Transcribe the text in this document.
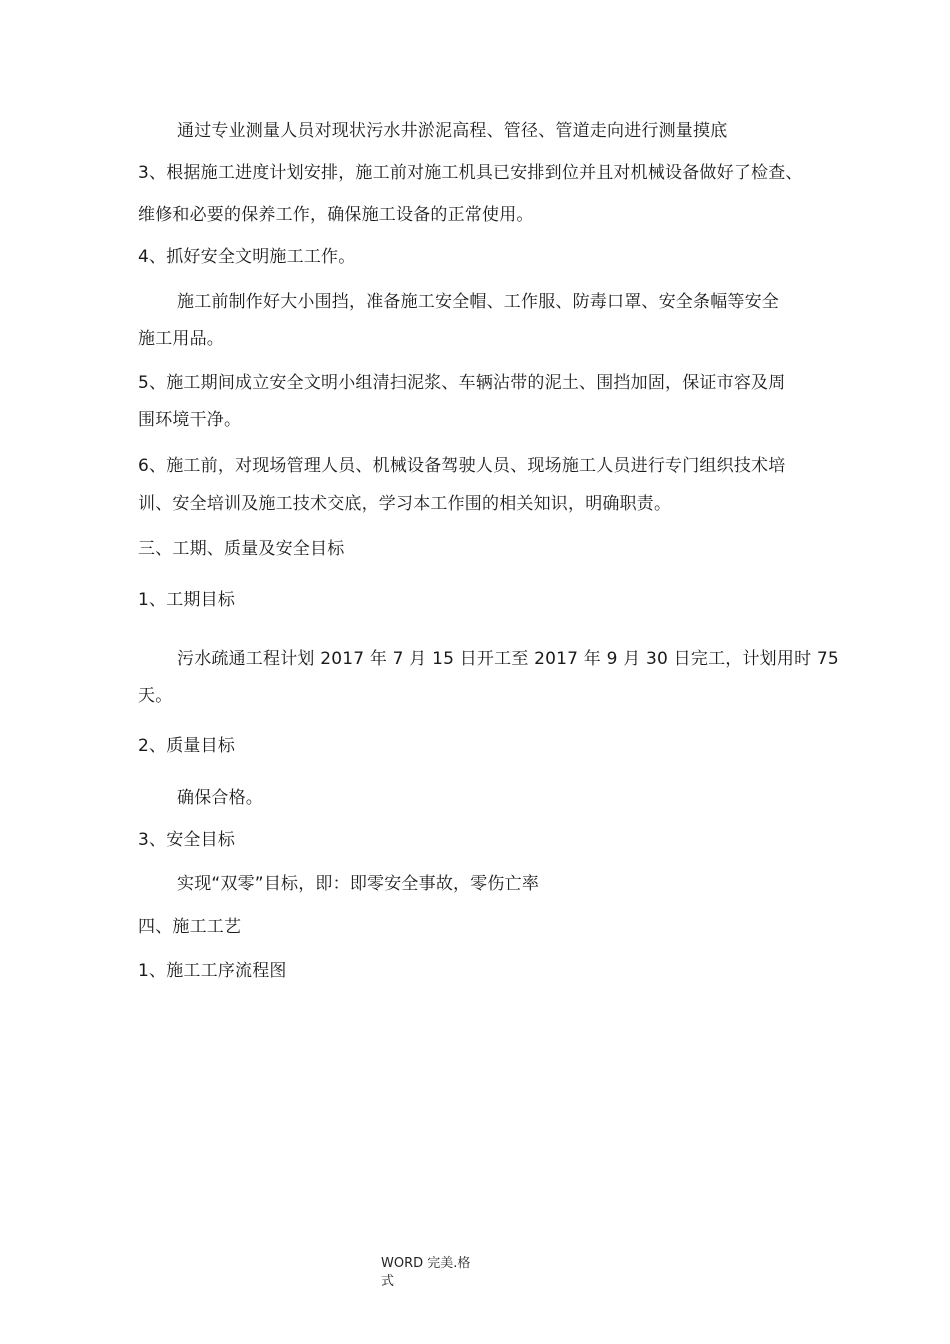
通过专业测量人员对现状污水井淤泥高程、管径、管道走向进行测量摸底
3、根据施工进度计划安排，施工前对施工机具已安排到位并且对机械设备做好了检查、
维修和必要的保养工作，确保施工设备的正常使用。
4、抓好安全文明施工工作。
施工前制作好大小围挡，准备施工安全帽、工作服、防毒口罩、安全条幅等安全
施工用品。
5、施工期间成立安全文明小组清扫泥浆、车辆沾带的泥土、围挡加固，保证市容及周
围环境干净。
6、施工前，对现场管理人员、机械设备驾驶人员、现场施工人员进行专门组织技术培
训、安全培训及施工技术交底，学习本工作围的相关知识，明确职责。
三、工期、质量及安全目标
1、工期目标
污水疏通工程计划 2017 年 7 月 15 日开工至 2017 年 9 月 30 日完工，计划用时 75
天。
2、质量目标
确保合格。
3、安全目标
实现“双零”目标，即：即零安全事故，零伤亡率
四、施工工艺
1、施工工序流程图
WORD 完美.格
式
